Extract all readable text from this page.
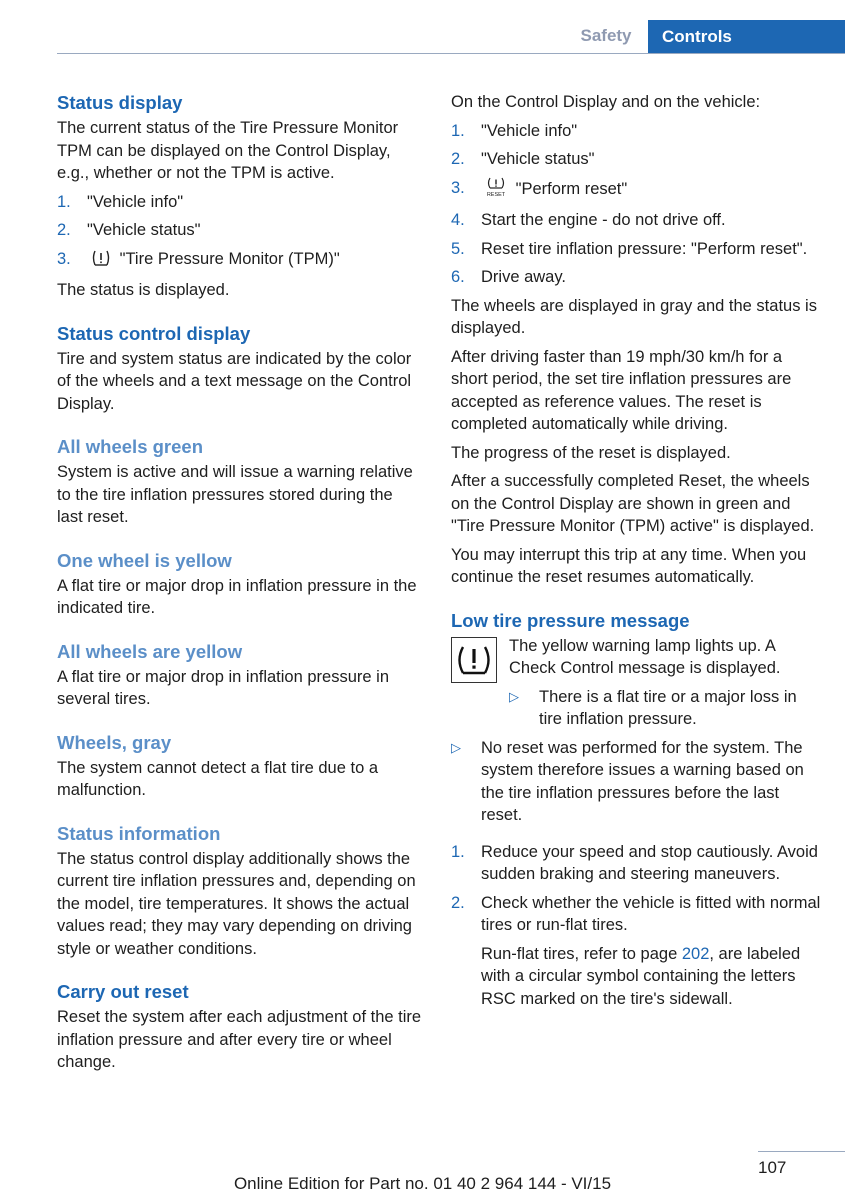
Safety	Controls
Status display
The current status of the Tire Pressure Monitor TPM can be displayed on the Control Display, e.g., whether or not the TPM is active.
1. "Vehicle info"
2. "Vehicle status"
3.	"Tire Pressure Monitor (TPM)"
The status is displayed.
Status control display
Tire and system status are indicated by the color of the wheels and a text message on the Control Display.
All wheels green
System is active and will issue a warning relative to the tire inflation pressures stored during the last reset.
One wheel is yellow
A flat tire or major drop in inflation pressure in the indicated tire.
All wheels are yellow
A flat tire or major drop in inflation pressure in several tires.
Wheels, gray
The system cannot detect a flat tire due to a malfunction.
Status information
The status control display additionally shows the current tire inflation pressures and, depending on the model, tire temperatures. It shows the actual values read; they may vary depending on driving style or weather conditions.
Carry out reset
Reset the system after each adjustment of the tire inflation pressure and after every tire or wheel change.
On the Control Display and on the vehicle:
1. "Vehicle info"
2. "Vehicle status"
3.	RESET "Perform reset"
4. Start the engine - do not drive off.
5. Reset tire inflation pressure: "Perform reset".
6. Drive away.
The wheels are displayed in gray and the status is displayed.
After driving faster than 19 mph/30 km/h for a short period, the set tire inflation pressures are accepted as reference values. The reset is completed automatically while driving.
The progress of the reset is displayed.
After a successfully completed Reset, the wheels on the Control Display are shown in green and "Tire Pressure Monitor (TPM) active" is displayed.
You may interrupt this trip at any time. When you continue the reset resumes automatically.
Low tire pressure message
The yellow warning lamp lights up. A Check Control message is displayed.
▷ There is a flat tire or a major loss in tire inflation pressure.
▷ No reset was performed for the system. The system therefore issues a warning based on the tire inflation pressures before the last reset.
1. Reduce your speed and stop cautiously. Avoid sudden braking and steering maneuvers.
2. Check whether the vehicle is fitted with normal tires or run-flat tires.
Run-flat tires, refer to page 202, are labeled with a circular symbol containing the letters RSC marked on the tire's sidewall.
107
Online Edition for Part no. 01 40 2 964 144 - VI/15
